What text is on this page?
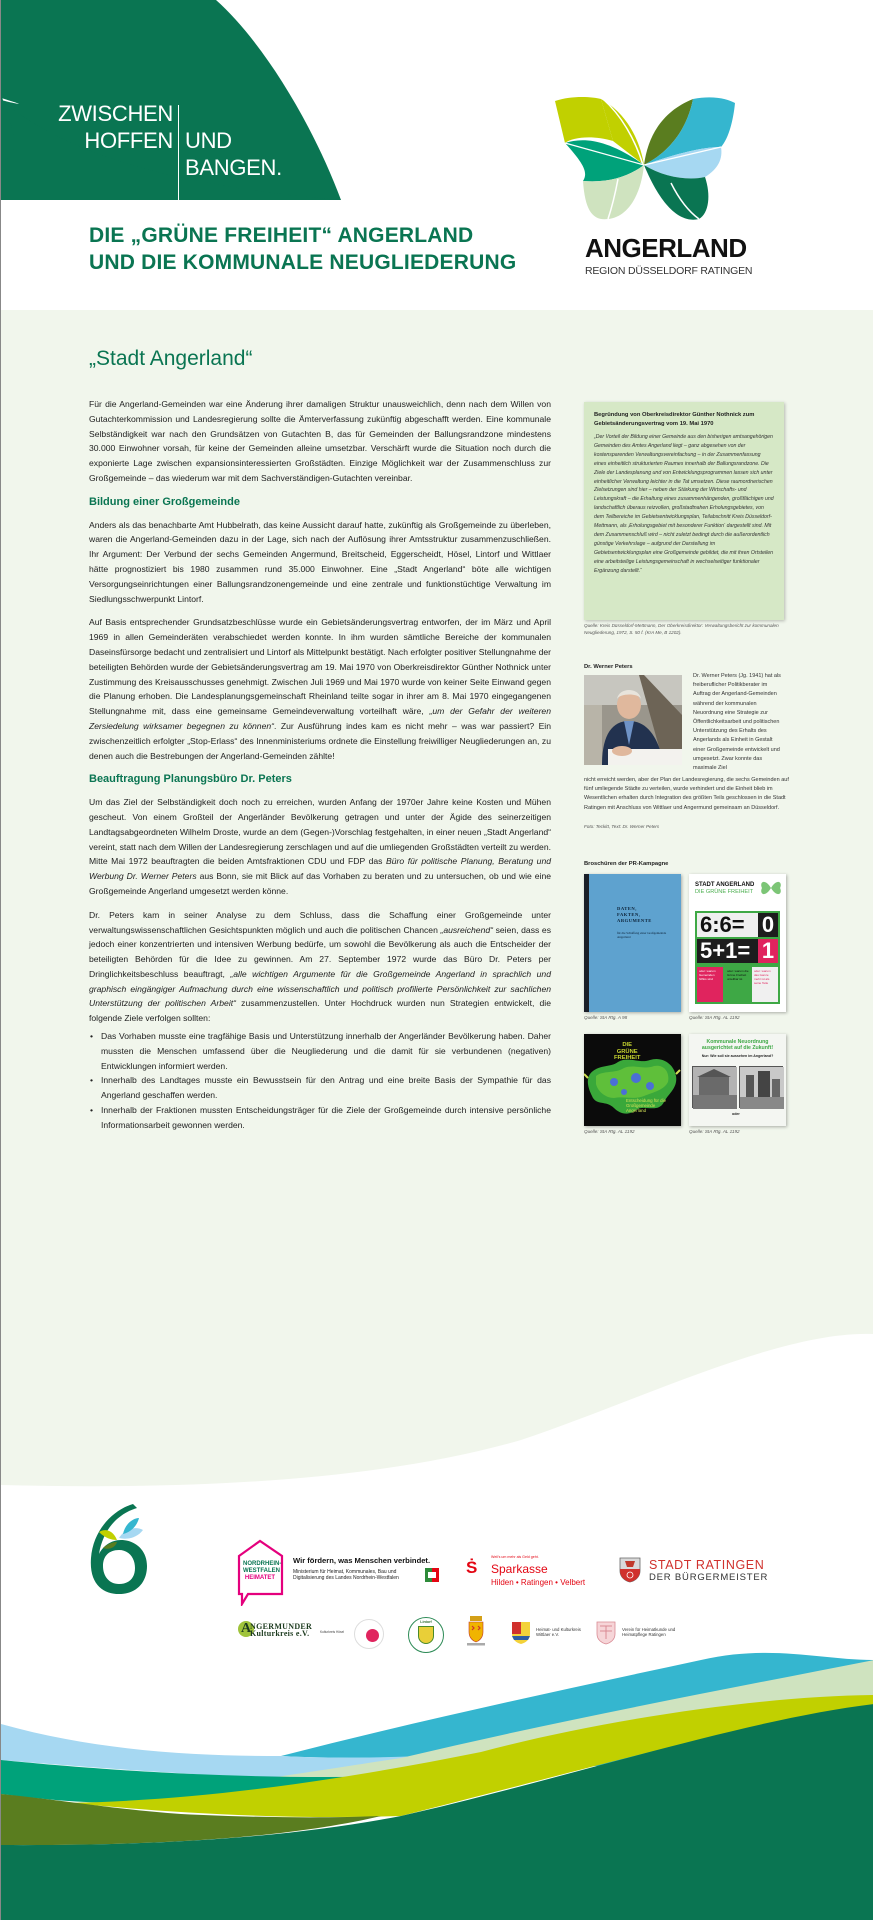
ZWISCHEN
HOFFEN UND
BANGEN.
DIE „GRÜNE FREIHEIT“ ANGERLAND
UND DIE KOMMUNALE NEUGLIEDERUNG	ANGERLAND
REGION DÜSSELDORF RATINGEN
„Stadt Angerland“

Für die Angerland-Gemeinden war eine Änderung ihrer damaligen Struktur unausweichlich, denn nach dem Willen von Gutachterkommission und Landesregierung sollte die Ämterverfassung zukünftig abgeschafft werden. Eine kommunale Selbständigkeit war nach den Grundsätzen von Gutachten B, das für Gemeinden der Ballungsrandzone mindestens 30.000 Einwohner vorsah, für keine der Gemeinden alleine umsetzbar. Verschärft wurde die Situation noch durch die exponierte Lage zwischen expansionsinteressierten Großstädten. Einzige Möglichkeit war der Zusammenschluss zur Großgemeinde – das wiederum war mit dem Sachverständigen-Gutachten vereinbar.

Bildung einer Großgemeinde

Anders als das benachbarte Amt Hubbelrath, das keine Aussicht darauf hatte, zukünftig als Großgemeinde zu überleben, waren die Angerland-Gemeinden dazu in der Lage, sich nach der Auflösung ihrer Amtsstruktur zusammenzuschließen. Ihr Argument: Der Verbund der sechs Gemeinden Angermund, Breitscheid, Eggerscheidt, Hösel, Lintorf und Wittlaer hätte prognostiziert bis 1980 zusammen rund 35.000 Einwohner. Eine „Stadt Angerland“ böte alle wichtigen Versorgungseinrichtungen einer Ballungsrandzonengemeinde und eine zentrale und funktionstüchtige Verwaltung im Siedlungsschwerpunkt Lintorf.

Auf Basis entsprechender Grundsatzbeschlüsse wurde ein Gebietsänderungsvertrag entworfen, der im März und April 1969 in allen Gemeinderäten verabschiedet werden konnte. In ihm wurden sämtliche Bereiche der kommunalen Daseinsfürsorge bedacht und zentralisiert und Lintorf als Mittelpunkt bestätigt. Nach erfolgter positiver Stellungnahme der beteiligten Behörden wurde der Gebietsänderungsvertrag am 19. Mai 1970 von Oberkreisdirektor Günther Nothnick unter Zustimmung des Kreisausschusses genehmigt. Zwischen Juli 1969 und Mai 1970 wurde von keiner Seite Einwand gegen die Planung erhoben. Die Landesplanungsgemeinschaft Rheinland teilte sogar in ihrer am 8. Mai 1970 eingegangenen Stellungnahme mit, dass eine gemeinsame Gemeindeverwaltung vorteilhaft wäre, „um der Gefahr der weiteren Zersiedelung wirksamer begegnen zu können“. Zur Ausführung indes kam es nicht mehr – was war passiert? Ein zwischenzeitlich erfolgter „Stop-Erlass“ des Innenministeriums ordnete die Einstellung freiwilliger Neugliederungen an, zu denen auch die Bestrebungen der Angerland-Gemeinden zählte!

Beauftragung Planungsbüro Dr. Peters

Um das Ziel der Selbständigkeit doch noch zu erreichen, wurden Anfang der 1970er Jahre keine Kosten und Mühen gescheut. Von einem Großteil der Angerländer Bevölkerung getragen und unter der Ägide des seinerzeitigen Landtagsabgeordneten Wilhelm Droste, wurde an dem (Gegen-)Vorschlag festgehalten, in einer neuen „Stadt Angerland“ vereint, statt nach dem Willen der Landesregierung zerschlagen und auf die umliegenden Großstädten verteilt zu werden. Mitte Mai 1972 beauftragten die beiden Amtsfraktionen CDU und FDP das Büro für politische Planung, Beratung und Werbung Dr. Werner Peters aus Bonn, sie mit Blick auf das Vorhaben zu beraten und zu untersuchen, ob und wie eine Großgemeinde Angerland umgesetzt werden könne.

Dr. Peters kam in seiner Analyse zu dem Schluss, dass die Schaffung einer Großgemeinde unter verwaltungswissenschaftlichen Gesichtspunkten möglich und auch die politischen Chancen „ausreichend“ seien, dass es jedoch einer konzentrierten und intensiven Werbung bedürfe, um sowohl die Bevölkerung als auch die Entscheider der beteiligten Behörden für die Idee zu gewinnen. Am 27. September 1972 wurde das Büro Dr. Peters per Dringlichkeitsbeschluss beauftragt, „alle wichtigen Argumente für die Großgemeinde Angerland in sprachlich und graphisch eingängiger Aufmachung durch eine wissenschaftlich und politisch profilierte Persönlichkeit zur sachlichen Unterstützung der politischen Arbeit“ zusammenzustellen. Unter Hochdruck wurden nun Strategien entwickelt, die folgende Ziele verfolgen sollten:

• Das Vorhaben musste eine tragfähige Basis und Unterstützung innerhalb der Angerländer Bevölkerung haben. Daher mussten die Menschen umfassend über die Neugliederung und die damit für sie verbundenen (negativen) Entwicklungen informiert werden.
• Innerhalb des Landtages musste ein Bewusstsein für den Antrag und eine breite Basis der Sympathie für das Angerland geschaffen werden.
• Innerhalb der Fraktionen mussten Entscheidungsträger für die Ziele der Großgemeinde durch intensive persönliche Informationsarbeit gewonnen werden.
Begründung von Oberkreisdirektor Günther Nothnick zum Gebietsänderungsvertrag vom 19. Mai 1970
„Der Vorteil der Bildung einer Gemeinde aus den bisherigen amtsangehörigen Gemeinden des Amtes Angerland liegt – ganz abgesehen von der kostensparenden Verwaltungsvereinfachung – in der Zusammenfassung eines einheitlich strukturierten Raumes innerhalb der Ballungsrandzone. Die Ziele der Landesplanung und von Entwicklungsprogrammen lassen sich unter einheitlicher Verwaltung leichter in die Tat umsetzen. Diese raumordnerischen Zielsetzungen sind hier – neben der Stärkung der Wirtschafts- und Leistungskraft – die Erhaltung eines zusammenhängenden, großflächigen und landschaftlich überaus reizvollen, großstadtnahen Erholungsgebietes, von dem Teilbereiche im Gebietsentwicklungsplan, Teilabschnitt Kreis Düsseldorf-Mettmann, als ‚Erholungsgebiet mit besonderer Funktion‘ dargestellt sind. Mit dem Zusammenschluß wird – nicht zuletzt bedingt durch die außerordentlich günstige Verkehrslage – aufgrund der Darstellung im Gebietsentwicklungsplan eine Großgemeinde gebildet, die mit ihren Ortsteilen eine arbeitsteilige Leistungsgemeinschaft in wechselseitiger funktionaler Ergänzung darstellt.“
Quelle: Kreis Düsseldorf-Mettmann, Der Oberkreisdirektor: Verwaltungsbericht zur kommunalen Neugliederung, 1972, S. 50 f. (KrA Me, B 1202).
Dr. Werner Peters
Dr. Werner Peters (Jg. 1941) hat als freiberuflicher Politikberater im Auftrag der Angerland-Gemeinden während der kommunalen Neuordnung eine Strategie zur Öffentlichkeitsarbeit und politischen Unterstützung des Erhalts des Angerlands als Einheit in Gestalt einer Großgemeinde entwickelt und umgesetzt. Zwar konnte das maximale Ziel
nicht erreicht werden, aber der Plan der Landesregierung, die sechs Gemeinden auf fünf umliegende Städte zu verteilen, wurde verhindert und die Einheit blieb im Wesentlichen erhalten durch Integration des größten Teils geschlossen in die Stadt Ratingen mit Anschluss von Wittlaer und Angermund gemeinsam an Düsseldorf.
Foto: Teckitt, Text: Dr. Werner Peters
Broschüren der PR-Kampagne
DATEN,
FAKTEN,
ARGUMENTE
für die Schaffung einer Großgemeinde Angerland
Quelle: StA Rtg. A 98
STADT ANGERLAND
DIE GRÜNE FREIHEIT
6:6= 0
5+1= 1
oder: warum Gemeinden hilflos sind
oder: warum die Grüne Freiheit unteilbar ist
oder: warum das Ganze mehr ist als seine Teile
Quelle: StA Rtg. AL 1192
DIE
GRÜNE
FREIHEIT
Entscheidung für die Großgemeinde Angerland
Quelle: StA Rtg. AL 1192
Kommunale Neuordnung ausgerichtet auf die Zukunft!
Nur: Wie soll sie aussehen im Angerland?
oder
Quelle: StA Rtg. AL 1192
NORDRHEIN-
WESTFALEN
HEIMATET
Wir fördern, was Menschen verbindet.
Ministerium für Heimat, Kommunales, Bau und
Digitalisierung des Landes Nordrhein-Westfalen
Ṡ
Weil's um mehr als Geld geht.
Sparkasse
Hilden • Ratingen • Velbert
STADT RATINGEN
DER BÜRGERMEISTER
A
NGERMUNDER
Kulturkreis e.V.	Kulturkreis Hösel
Lintorf
Heimat- und Kulturkreis
Wittlaer e.V.
Verein für Heimatkunde und
Heimatpflege Ratingen
